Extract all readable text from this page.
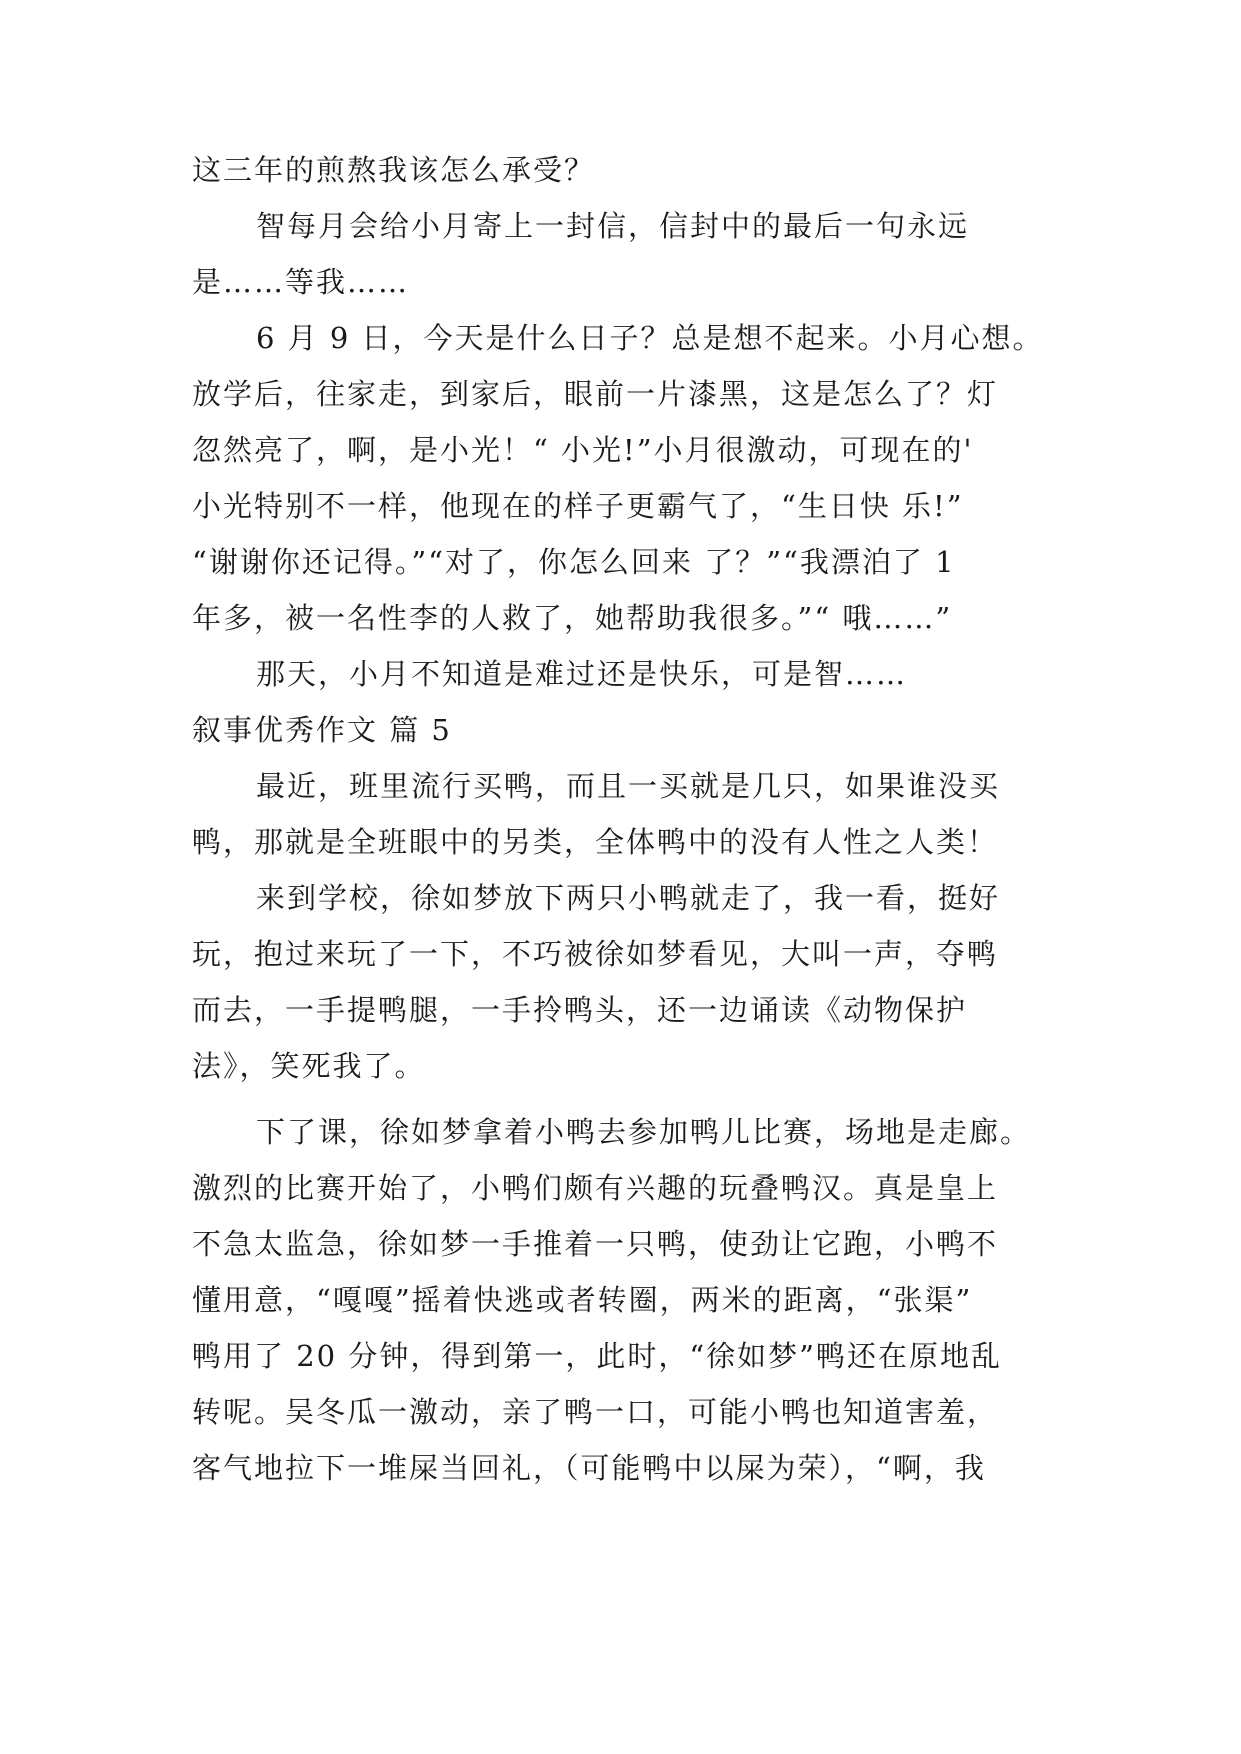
这三年的煎熬我该怎么承受？
智每月会给小月寄上一封信，信封中的最后一句永远
是……等我……
6 月 9 日，今天是什么日子？总是想不起来。小月心想。
放学后，往家走，到家后，眼前一片漆黑，这是怎么了？灯
忽然亮了，啊，是小光！“ 小光!”小月很激动，可现在的'
小光特别不一样，他现在的样子更霸气了，“生日快 乐!”
“谢谢你还记得。”“对了，你怎么回来 了？”“我漂泊了 1
年多，被一名性李的人救了，她帮助我很多。”“ 哦……”
那天，小月不知道是难过还是快乐，可是智……
叙事优秀作文 篇 5
最近，班里流行买鸭，而且一买就是几只，如果谁没买
鸭，那就是全班眼中的另类，全体鸭中的没有人性之人类！
来到学校，徐如梦放下两只小鸭就走了，我一看，挺好
玩，抱过来玩了一下，不巧被徐如梦看见，大叫一声，夺鸭
而去，一手提鸭腿，一手拎鸭头，还一边诵读《动物保护
法》，笑死我了。
下了课，徐如梦拿着小鸭去参加鸭儿比赛，场地是走廊。
激烈的比赛开始了，小鸭们颇有兴趣的玩叠鸭汉。真是皇上
不急太监急，徐如梦一手推着一只鸭，使劲让它跑，小鸭不
懂用意，“嘎嘎”摇着快逃或者转圈，两米的距离，“张渠”
鸭用了 20 分钟，得到第一，此时，“徐如梦”鸭还在原地乱
转呢。吴冬瓜一激动，亲了鸭一口，可能小鸭也知道害羞，
客气地拉下一堆屎当回礼，（可能鸭中以屎为荣），“啊，我
